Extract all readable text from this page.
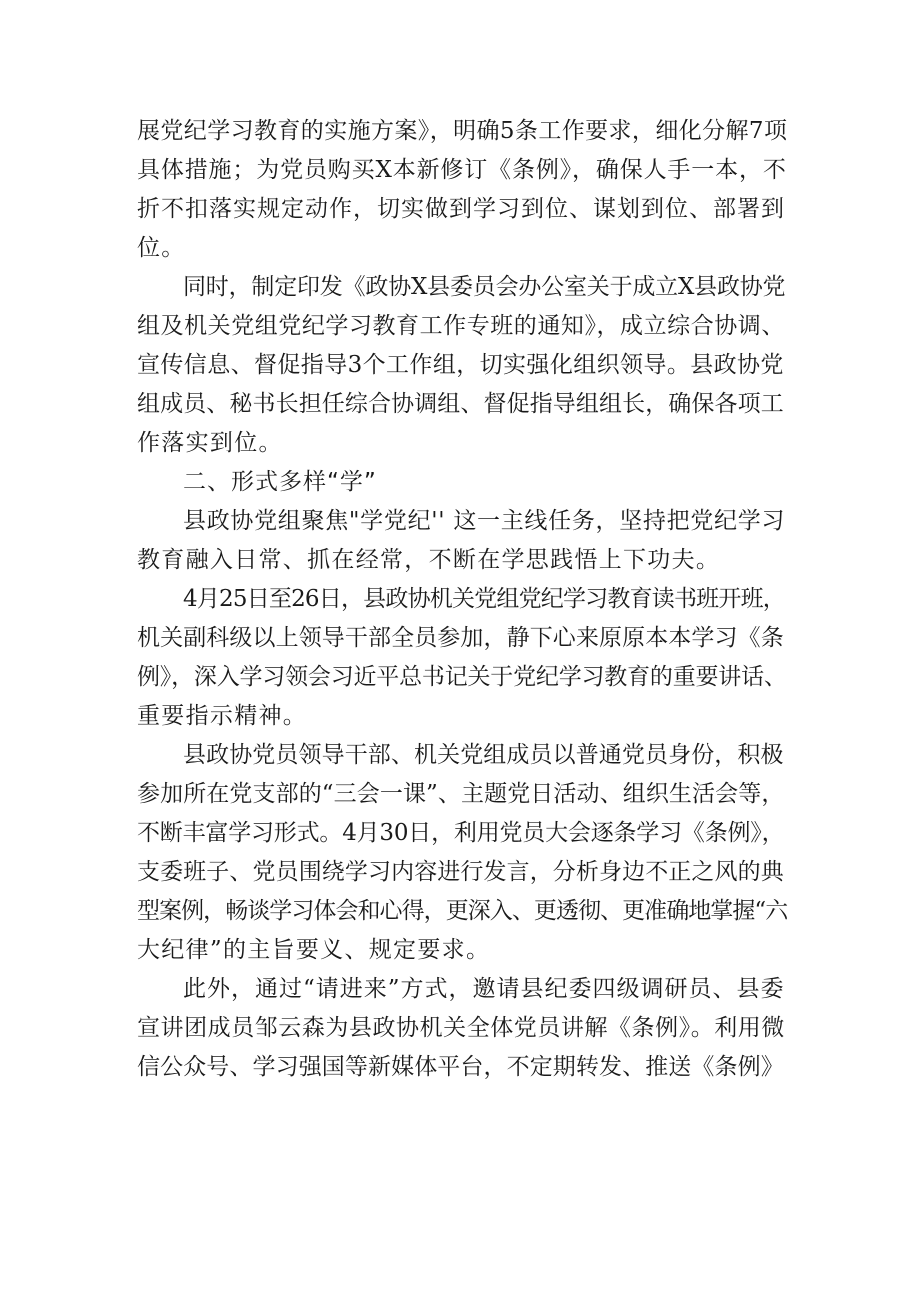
展党纪学习教育的实施方案》，明确5条工作要求，细化分解7项
具体措施；为党员购买X本新修订《条例》，确保人手一本，不
折不扣落实规定动作，切实做到学习到位、谋划到位、部署到
位。
同时，制定印发《政协X县委员会办公室关于成立X县政协党
组及机关党组党纪学习教育工作专班的通知》，成立综合协调、
宣传信息、督促指导3个工作组，切实强化组织领导。县政协党
组成员、秘书长担任综合协调组、督促指导组组长，确保各项工
作落实到位。
二、形式多样“学”
县政协党组聚焦"学党纪'' 这一主线任务，坚持把党纪学习
教育融入日常、抓在经常，不断在学思践悟上下功夫。
4月25日至26日，县政协机关党组党纪学习教育读书班开班，
机关副科级以上领导干部全员参加，静下心来原原本本学习《条
例》，深入学习领会习近平总书记关于党纪学习教育的重要讲话、
重要指示精神。
县政协党员领导干部、机关党组成员以普通党员身份，积极
参加所在党支部的“三会一课”、主题党日活动、组织生活会等，
不断丰富学习形式。4月30日，利用党员大会逐条学习《条例》，
支委班子、党员围绕学习内容进行发言，分析身边不正之风的典
型案例，畅谈学习体会和心得，更深入、更透彻、更准确地掌握“六
大纪律”的主旨要义、规定要求。
此外，通过“请进来”方式，邀请县纪委四级调研员、县委
宣讲团成员邹云森为县政协机关全体党员讲解《条例》。利用微
信公众号、学习强国等新媒体平台，不定期转发、推送《条例》
